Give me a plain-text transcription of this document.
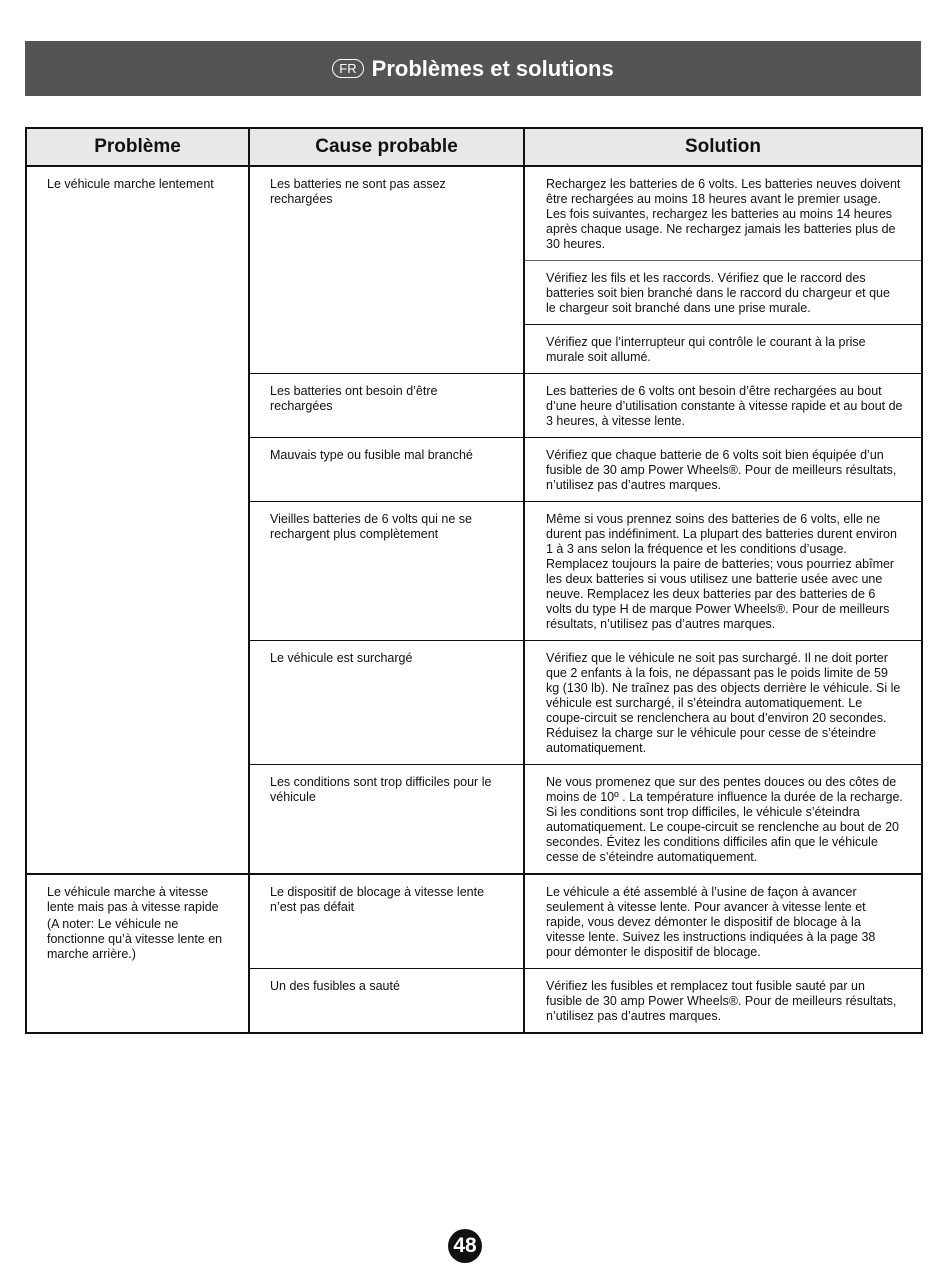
FR Problèmes et solutions
Problème	Cause probable	Solution

Le véhicule marche lentement	Les batteries ne sont pas assez rechargées	Rechargez les batteries de 6 volts. Les batteries neuves doivent être rechargées au moins 18 heures avant le premier usage. Les fois suivantes, rechargez les batteries au moins 14 heures après chaque usage. Ne rechargez jamais les batteries plus de 30 heures.
		Vérifiez les fils et les raccords. Vérifiez que le raccord des batteries soit bien branché dans le raccord du chargeur et que le chargeur soit branché dans une prise murale.
		Vérifiez que l’interrupteur qui contrôle le courant à la prise murale soit allumé.
	Les batteries ont besoin d’être rechargées	Les batteries de 6 volts ont besoin d’être rechargées au bout d’une heure d’utilisation constante à vitesse rapide et au bout de 3 heures, à vitesse lente.
	Mauvais type ou fusible mal branché	Vérifiez que chaque batterie de 6 volts soit bien équipée d’un fusible de 30 amp Power Wheels®. Pour de meilleurs résultats, n’utilisez pas d’autres marques.
	Vieilles batteries de 6 volts qui ne se rechargent plus complètement	Même si vous prennez soins des batteries de 6 volts, elle ne durent pas indéfiniment. La plupart des batteries durent environ 1 à 3 ans selon la fréquence et les conditions d’usage. Remplacez toujours la paire de batteries; vous pourriez abîmer les deux batteries si vous utilisez une batterie usée avec une neuve. Remplacez les deux batteries par des batteries de 6 volts du type H de marque Power Wheels®. Pour de meilleurs résultats, n’utilisez pas d’autres marques.
	Le véhicule est surchargé	Vérifiez que le véhicule ne soit pas surchargé. Il ne doit porter que 2 enfants à la fois, ne dépassant pas le poids limite de 59 kg (130 lb). Ne traînez pas des objects derrière le véhicule. Si le véhicule est surchargé, il s’éteindra automatiquement. Le coupe-circuit se renclenchera au bout d’environ 20 secondes. Réduisez la charge sur le véhicule pour cesse de s’éteindre automatiquement.
	Les conditions sont trop difficiles pour le véhicule	Ne vous promenez que sur des pentes douces ou des côtes de moins de 10º . La température influence la durée de la recharge. Si les conditions sont trop difficiles, le véhicule s’éteindra automatiquement. Le coupe-circuit se renclenche au bout de 20 secondes. Évitez les conditions difficiles afin que le véhicule cesse de s’éteindre automatiquement.

Le véhicule marche à vitesse lente mais pas à vitesse rapide
(A noter: Le véhicule ne fonctionne qu’à vitesse lente en marche arrière.)	Le dispositif de blocage à vitesse lente n’est pas défait	Le véhicule a été assemblé à l’usine de façon à avancer seulement à vitesse lente. Pour avancer à vitesse lente et rapide, vous devez démonter le dispositif de blocage à la vitesse lente. Suivez les instructions indiquées à la page 38 pour démonter le dispositif de blocage.
	Un des fusibles a sauté	Vérifiez les fusibles et remplacez tout fusible sauté par un fusible de 30 amp Power Wheels®. Pour de meilleurs résultats, n’utilisez pas d’autres marques.
48
